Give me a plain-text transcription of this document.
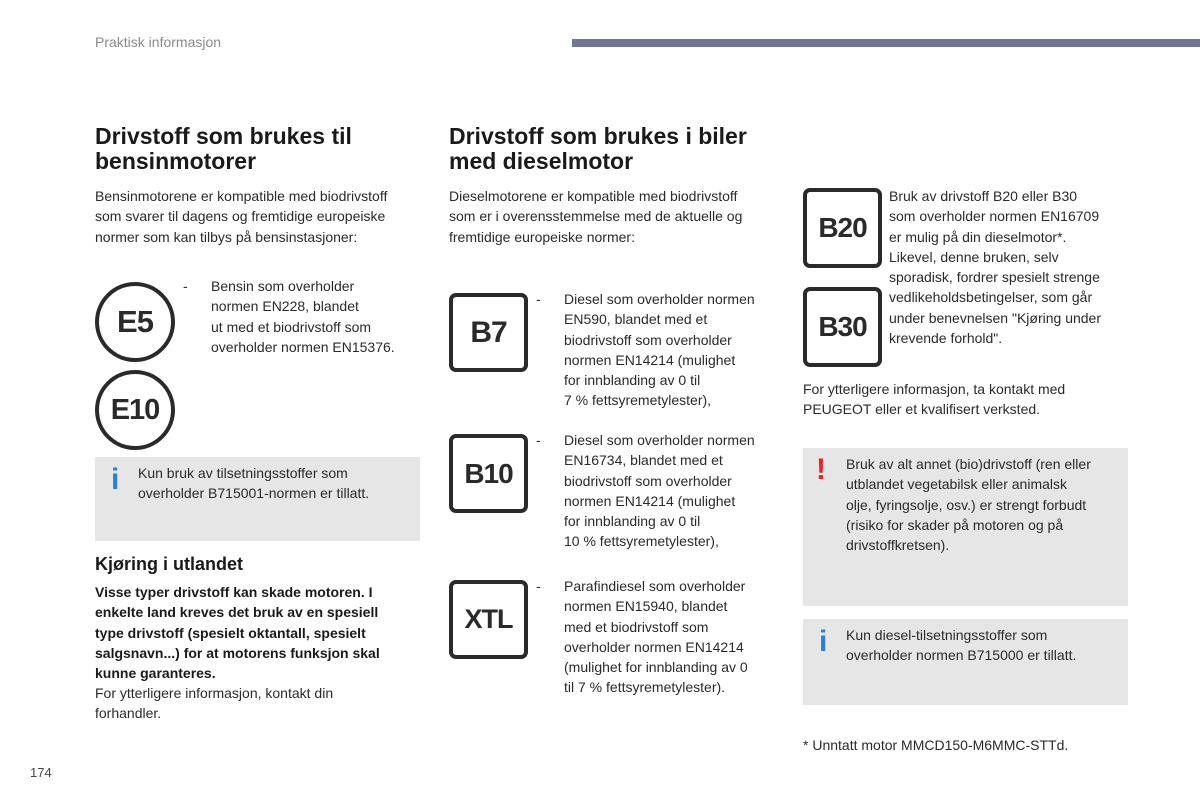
Praktisk informasjon
Drivstoff som brukes til
bensinmotorer

Bensinmotorene er kompatible med biodrivstoff
som svarer til dagens og fremtidige europeiske
normer som kan tilbys på bensinstasjoner:

E5
E10
- Bensin som overholder
normen EN228, blandet
ut med et biodrivstoff som
overholder normen EN15376.
i Kun bruk av tilsetningsstoffer som
overholder B715001-normen er tillatt.
Kjøring i utlandet
Visse typer drivstoff kan skade motoren. I
enkelte land kreves det bruk av en spesiell
type drivstoff (spesielt oktantall, spesielt
salgsnavn...) for at motorens funksjon skal
kunne garanteres.

For ytterligere informasjon, kontakt din
forhandler.

Drivstoff som brukes i biler
med dieselmotor

Dieselmotorene er kompatible med biodrivstoff
som er i overensstemmelse med de aktuelle og
fremtidige europeiske normer:

B7
- Diesel som overholder normen
EN590, blandet med et
biodrivstoff som overholder
normen EN14214 (mulighet
for innblanding av 0 til
7 % fettsyremetylester),
B10
- Diesel som overholder normen
EN16734, blandet med et
biodrivstoff som overholder
normen EN14214 (mulighet
for innblanding av 0 til
10 % fettsyremetylester),
XTL
- Parafindiesel som overholder
normen EN15940, blandet
med et biodrivstoff som
overholder normen EN14214
(mulighet for innblanding av 0
til 7 % fettsyremetylester).
B20
B30

Bruk av drivstoff B20 eller B30
som overholder normen EN16709
er mulig på din dieselmotor*.
Likevel, denne bruken, selv
sporadisk, fordrer spesielt strenge
vedlikeholdsbetingelser, som går
under benevnelsen "Kjøring under
krevende forhold".

For ytterligere informasjon, ta kontakt med
PEUGEOT eller et kvalifisert verksted.

! Bruk av alt annet (bio)drivstoff (ren eller
utblandet vegetabilsk eller animalsk
olje, fyringsolje, osv.) er strengt forbudt
(risiko for skader på motoren og på
drivstoffkretsen).
i Kun diesel-tilsetningsstoffer som
overholder normen B715000 er tillatt.

* Unntatt motor MMCD150-M6MMC-STTd.

174
